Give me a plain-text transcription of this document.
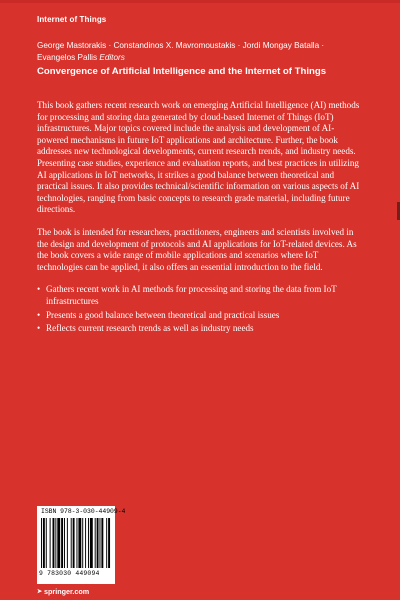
Internet of Things
George Mastorakis · Constandinos X. Mavromoustakis · Jordi Mongay Batalla ·
Evangelos Pallis Editors
Convergence of Artificial Intelligence and the Internet of Things

This book gathers recent research work on emerging Artificial Intelligence (AI) methods for processing and storing data generated by cloud-based Internet of Things (IoT) infrastructures. Major topics covered include the analysis and development of AI-powered mechanisms in future IoT applications and architecture. Further, the book addresses new technological developments, current research trends, and industry needs. Presenting case studies, experience and evaluation reports, and best practices in utilizing AI applications in IoT networks, it strikes a good balance between theoretical and practical issues. It also provides technical/scientific information on various aspects of AI technologies, ranging from basic concepts to research grade material, including future directions.

The book is intended for researchers, practitioners, engineers and scientists involved in the design and development of protocols and AI applications for IoT-related devices. As the book covers a wide range of mobile applications and scenarios where IoT technologies can be applied, it also offers an essential introduction to the field.

• Gathers recent work in AI methods for processing and storing the data from IoT infrastructures
• Presents a good balance between theoretical and practical issues
• Reflects current research trends as well as industry needs
ISBN 978-3-030-44909-4
9 783030 449094
➤ springer.com
